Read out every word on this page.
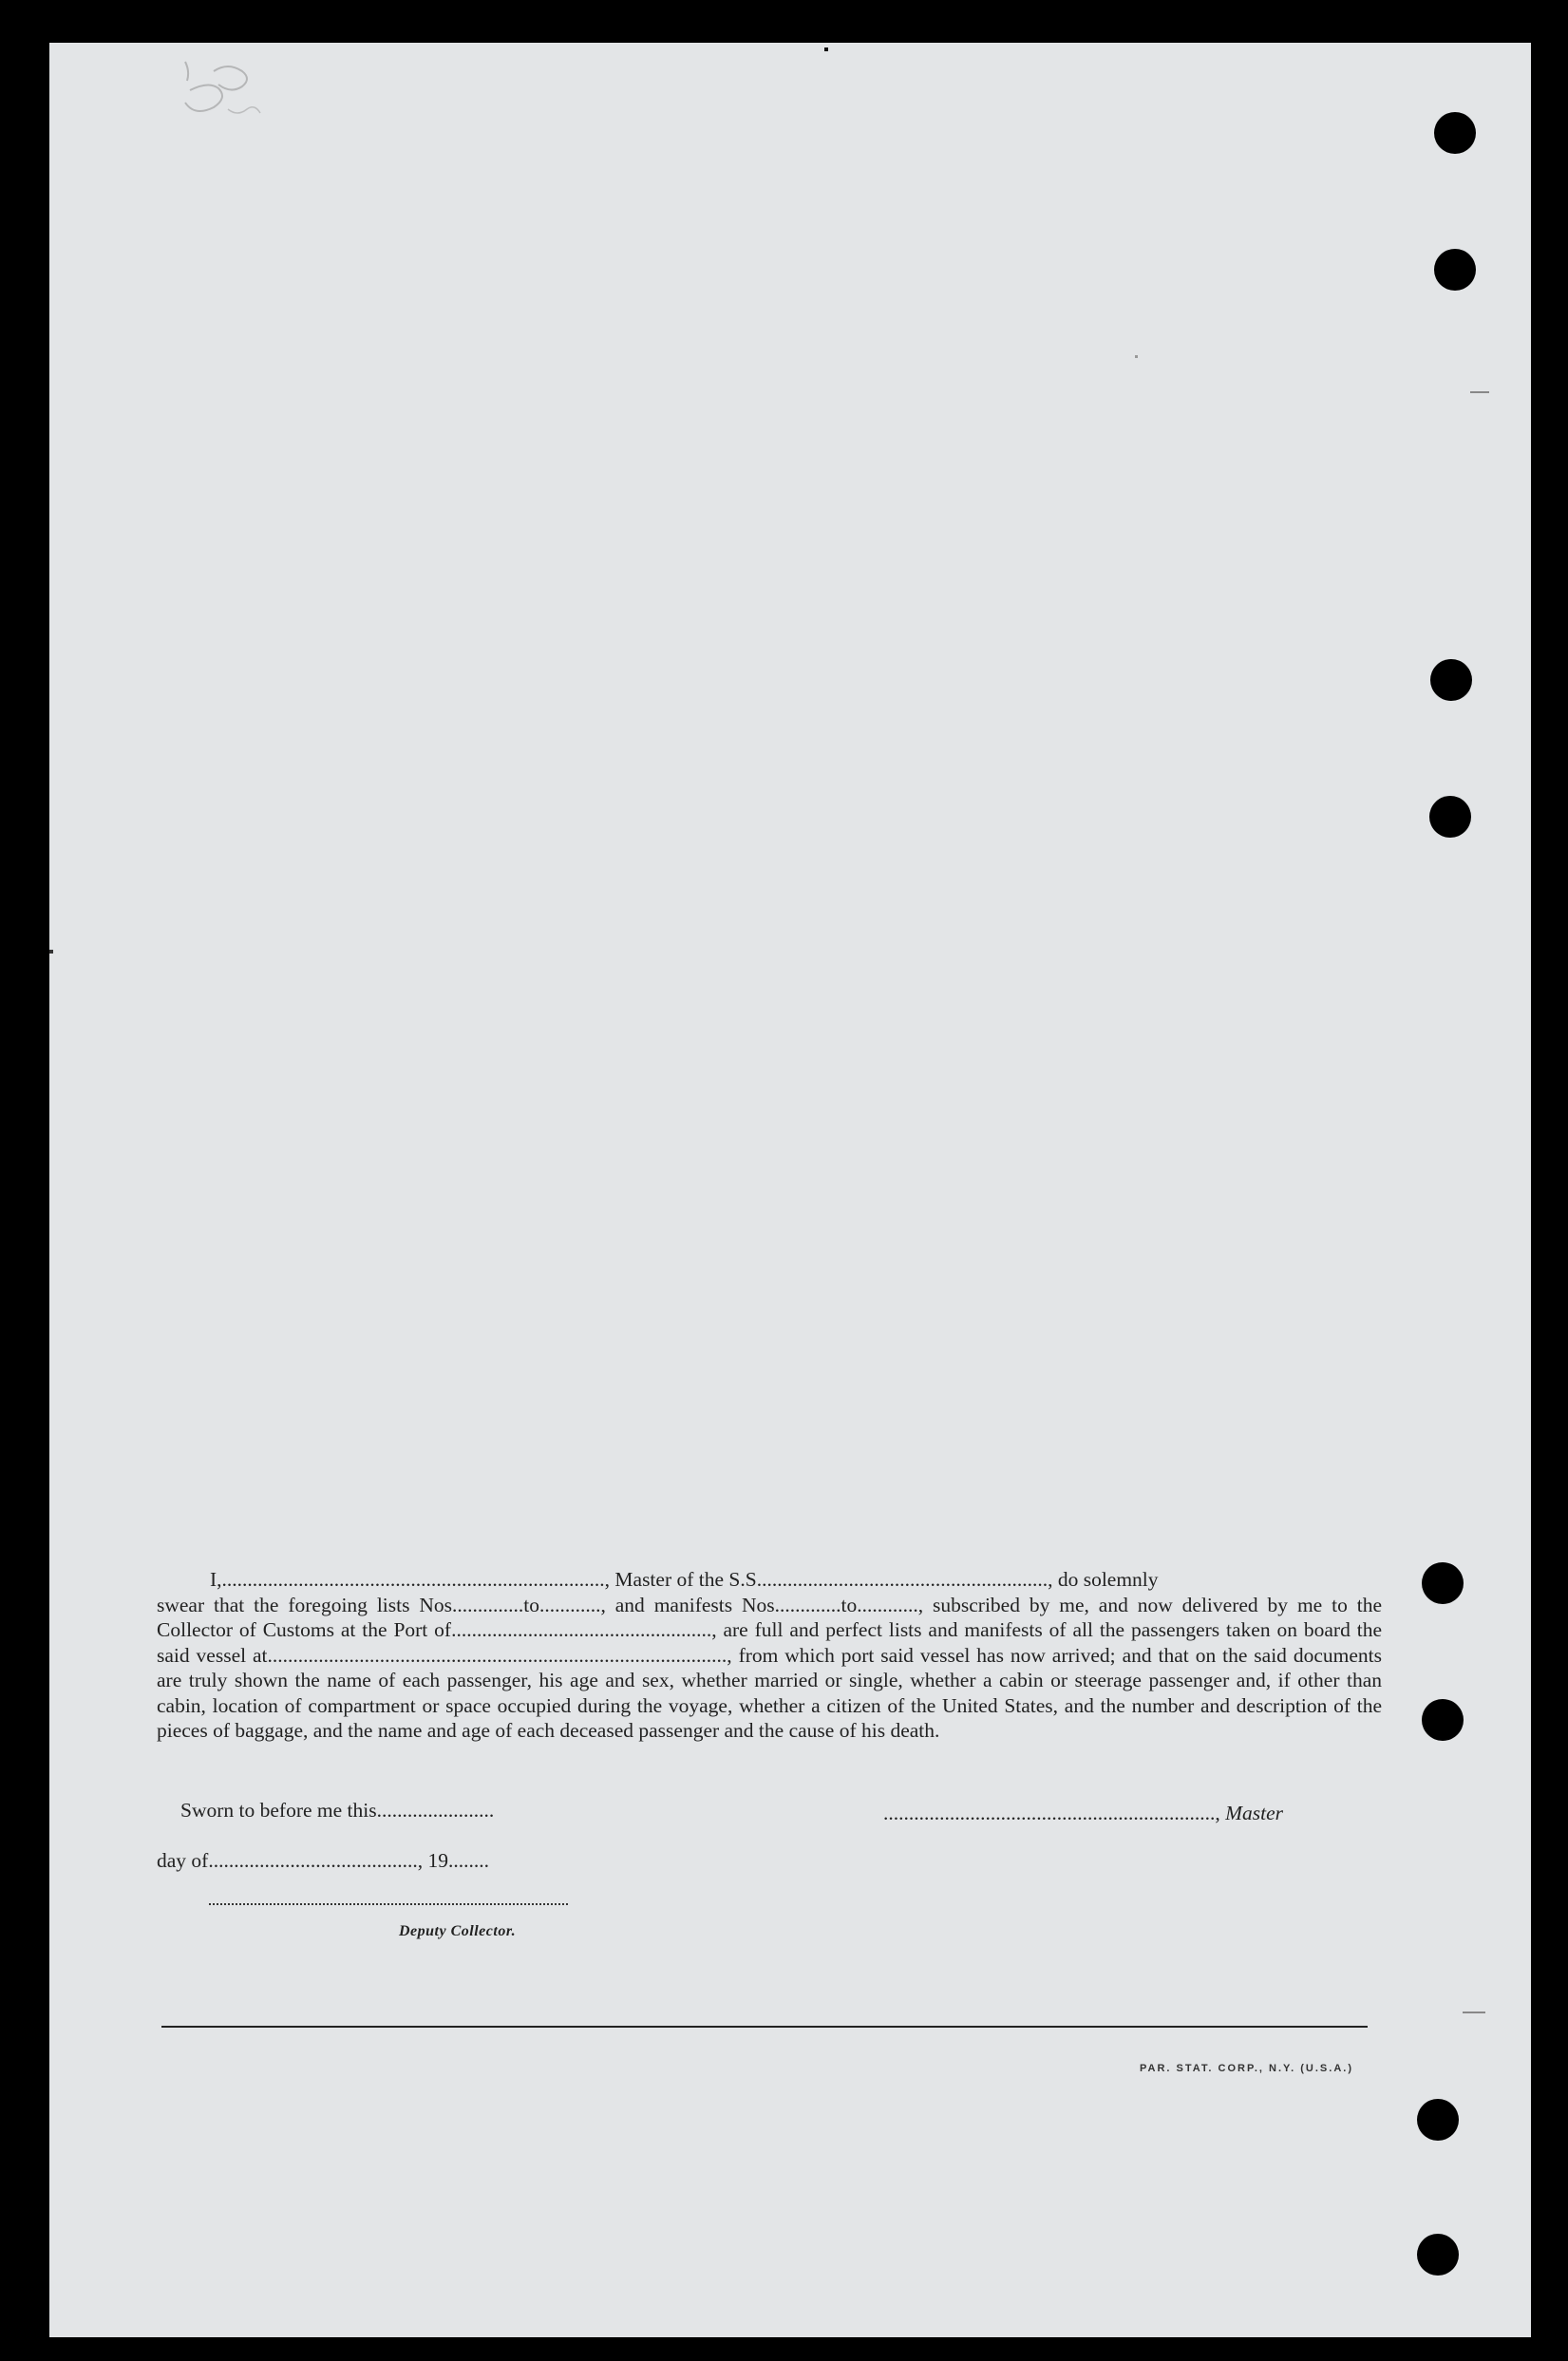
I,..........................................................................., Master of the S.S........................................................., do solemnly
swear that the foregoing lists Nos..............to............, and manifests Nos.............to............, subscribed by me, and now delivered by me to the Collector of Customs at the Port of..................................................., are full and perfect lists and manifests of all the passengers taken on board the said vessel at.........................................................................................., from which port said vessel has now arrived; and that on the said documents are truly shown the name of each passenger, his age and sex, whether married or single, whether a cabin or steerage passenger and, if other than cabin, location of compartment or space occupied during the voyage, whether a citizen of the United States, and the number and description of the pieces of baggage, and the name and age of each deceased passenger and the cause of his death.
Sworn to before me this.......................	................................................................., Master
day of........................................., 19........
Deputy Collector.
PAR. STAT. CORP., N.Y. (U.S.A.)
